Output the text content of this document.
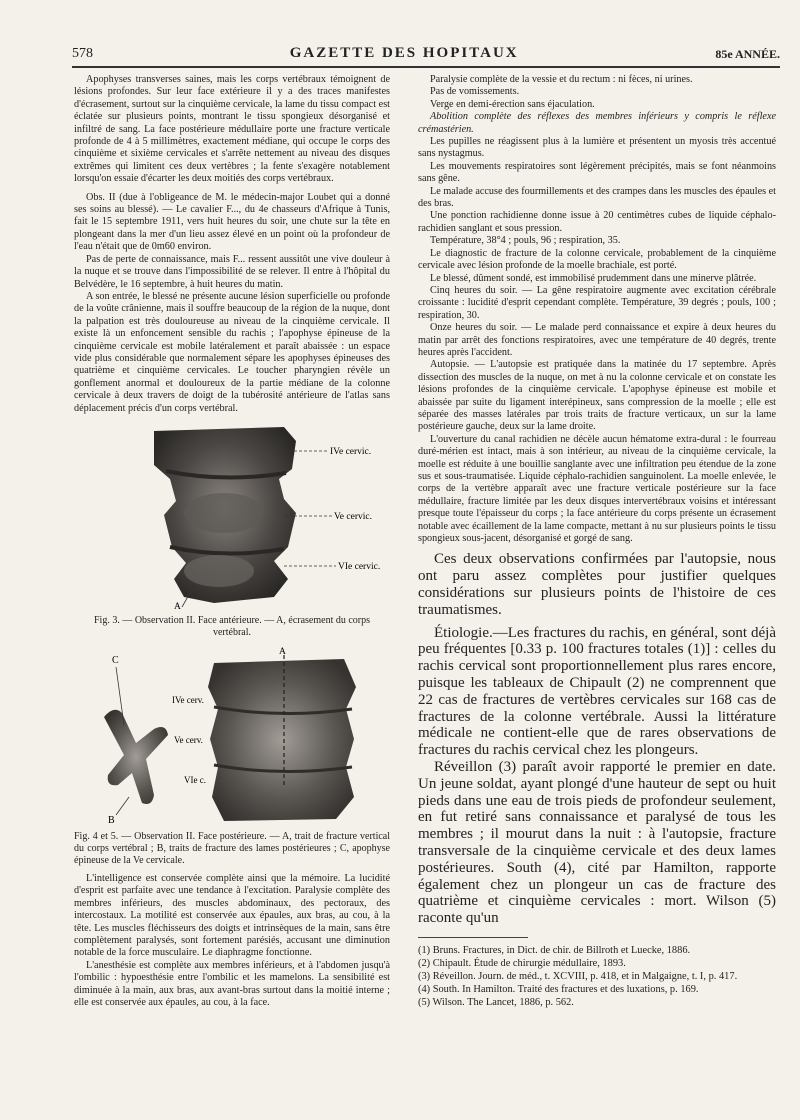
578	GAZETTE DES HOPITAUX	85e ANNÉE.

Apophyses transverses saines, mais les corps vertébraux témoignent de lésions profondes. Sur leur face extérieure il y a des traces manifestes d'écrasement, surtout sur la cinquième cervicale, la lame du tissu compact est éclatée sur plusieurs points, montrant le tissu spongieux désorganisé et infiltré de sang. La face postérieure médullaire porte une fracture verticale profonde de 4 à 5 millimètres, exactement médiane, qui occupe le corps des cinquième et sixième cervicales et s'arrête nettement au niveau des disques extrêmes qui limitent ces deux vertèbres ; la fente s'exagère notablement lorsqu'on essaie d'écarter les deux moitiés des corps vertébraux.

Obs. II (due à l'obligeance de M. le médecin-major Loubet qui a donné ses soins au blessé). — Le cavalier F..., du 4e chasseurs d'Afrique à Tunis, fait le 15 septembre 1911, vers huit heures du soir, une chute sur la tête en plongeant dans la mer d'un lieu assez élevé en un point où la profondeur de l'eau n'était que de 0m60 environ.

Pas de perte de connaissance, mais F... ressent aussitôt une vive douleur à la nuque et se trouve dans l'impossibilité de se relever. Il entre à l'hôpital du Belvédère, le 16 septembre, à huit heures du matin.

A son entrée, le blessé ne présente aucune lésion superficielle ou profonde de la voûte crânienne, mais il souffre beaucoup de la région de la nuque, dont la palpation est très douloureuse au niveau de la cinquième cervicale. Il existe là un enfoncement sensible du rachis ; l'apophyse épineuse de la cinquième cervicale est mobile latéralement et paraît abaissée : un espace vide plus considérable que normalement sépare les apophyses épineuses des quatrième et cinquième cervicales. Le toucher pharyngien révèle un gonflement anormal et douloureux de la partie médiane de la colonne cervicale à deux travers de doigt de la tubérosité antérieure de l'atlas sans déplacement précis d'un corps vertébral.

IVe cervic.
Ve cervic.
VIe cervic.
A

Fig. 3. — Observation II. Face antérieure. — A, écrasement du corps vertébral.

C
B
A
IVe cerv.
Ve cerv.
VIe c.

Fig. 4 et 5. — Observation II. Face postérieure. — A, trait de fracture vertical du corps vertébral ; B, traits de fracture des lames postérieures ; C, apophyse épineuse de la Ve cervicale.

L'intelligence est conservée complète ainsi que la mémoire. La lucidité d'esprit est parfaite avec une tendance à l'excitation. Paralysie complète des membres inférieurs, des muscles abdominaux, des pectoraux, des intercostaux. La motilité est conservée aux épaules, aux bras, au cou, à la tête. Les muscles fléchisseurs des doigts et intrinsèques de la main, sans être complètement paralysés, sont fortement parésiés, accusant une diminution notable de la force musculaire. Le diaphragme fonctionne.

L'anesthésie est complète aux membres inférieurs, et à l'abdomen jusqu'à l'ombilic : hypoesthésie entre l'ombilic et les mamelons. La sensibilité est diminuée à la main, aux bras, aux avant-bras surtout dans la moitié interne ; elle est conservée aux épaules, au cou, à la face.

Paralysie complète de la vessie et du rectum : ni fèces, ni urines.

Pas de vomissements.

Verge en demi-érection sans éjaculation.

Abolition complète des réflexes des membres inférieurs y compris le réflexe crémastérien.

Les pupilles ne réagissent plus à la lumière et présentent un myosis très accentué sans nystagmus.

Les mouvements respiratoires sont légèrement précipités, mais se font néanmoins sans gêne.

Le malade accuse des fourmillements et des crampes dans les muscles des épaules et des bras.

Une ponction rachidienne donne issue à 20 centimètres cubes de liquide céphalo-rachidien sanglant et sous pression.

Température, 38°4 ; pouls, 96 ; respiration, 35.

Le diagnostic de fracture de la colonne cervicale, probablement de la cinquième cervicale avec lésion profonde de la moelle brachiale, est porté.

Le blessé, dûment sondé, est immobilisé prudemment dans une minerve plâtrée.

Cinq heures du soir. — La gêne respiratoire augmente avec excitation cérébrale croissante : lucidité d'esprit cependant complète. Température, 39 degrés ; pouls, 100 ; respiration, 30.

Onze heures du soir. — Le malade perd connaissance et expire à deux heures du matin par arrêt des fonctions respiratoires, avec une température de 40 degrés, trente heures après l'accident.

Autopsie. — L'autopsie est pratiquée dans la matinée du 17 septembre. Après dissection des muscles de la nuque, on met à nu la colonne cervicale et on constate les lésions profondes de la cinquième cervicale. L'apophyse épineuse est mobile et abaissée par suite du ligament interépineux, sans compression de la moelle ; elle est séparée des masses latérales par trois traits de fracture verticaux, un sur la lame postérieure gauche, deux sur la lame droite.

L'ouverture du canal rachidien ne décèle aucun hématome extra-dural : le fourreau duré-mérien est intact, mais à son intérieur, au niveau de la cinquième cervicale, la moelle est réduite à une bouillie sanglante avec une infiltration peu étendue de la zone sus et sous-traumatisée. Liquide céphalo-rachidien sanguinolent. La moelle enlevée, le corps de la vertèbre apparaît avec une fracture verticale postérieure sur la face médullaire, fracture limitée par les deux disques intervertébraux voisins et intéressant presque toute l'épaisseur du corps ; la face antérieure du corps présente un écrasement notable avec écaillement de la lame compacte, mettant à nu sur plusieurs points le tissu spongieux sous-jacent, désorganisé et gorgé de sang.

Ces deux observations confirmées par l'autopsie, nous ont paru assez complètes pour justifier quelques considérations sur plusieurs points de l'histoire de ces traumatismes.

Étiologie.—Les fractures du rachis, en général, sont déjà peu fréquentes [0.33 p. 100 fractures totales (1)] : celles du rachis cervical sont proportionnellement plus rares encore, puisque les tableaux de Chipault (2) ne comprennent que 22 cas de fractures de vertèbres cervicales sur 168 cas de fractures de la colonne vertébrale. Aussi la littérature médicale ne contient-elle que de rares observations de fractures du rachis cervical chez les plongeurs.

Réveillon (3) paraît avoir rapporté le premier en date. Un jeune soldat, ayant plongé d'une hauteur de sept ou huit pieds dans une eau de trois pieds de profondeur seulement, en fut retiré sans connaissance et paralysé de tous les membres ; il mourut dans la nuit : à l'autopsie, fracture transversale de la cinquième cervicale et des deux lames postérieures. South (4), cité par Hamilton, rapporte également chez un plongeur un cas de fracture des quatrième et cinquième cervicales : mort. Wilson (5) raconte qu'un

(1) Bruns. Fractures, in Dict. de chir. de Billroth et Luecke, 1886.

(2) Chipault. Étude de chirurgie médullaire, 1893.

(3) Réveillon. Journ. de méd., t. XCVIII, p. 418, et in Malgaigne, t. I, p. 417.

(4) South. In Hamilton. Traité des fractures et des luxations, p. 169.

(5) Wilson. The Lancet, 1886, p. 562.
